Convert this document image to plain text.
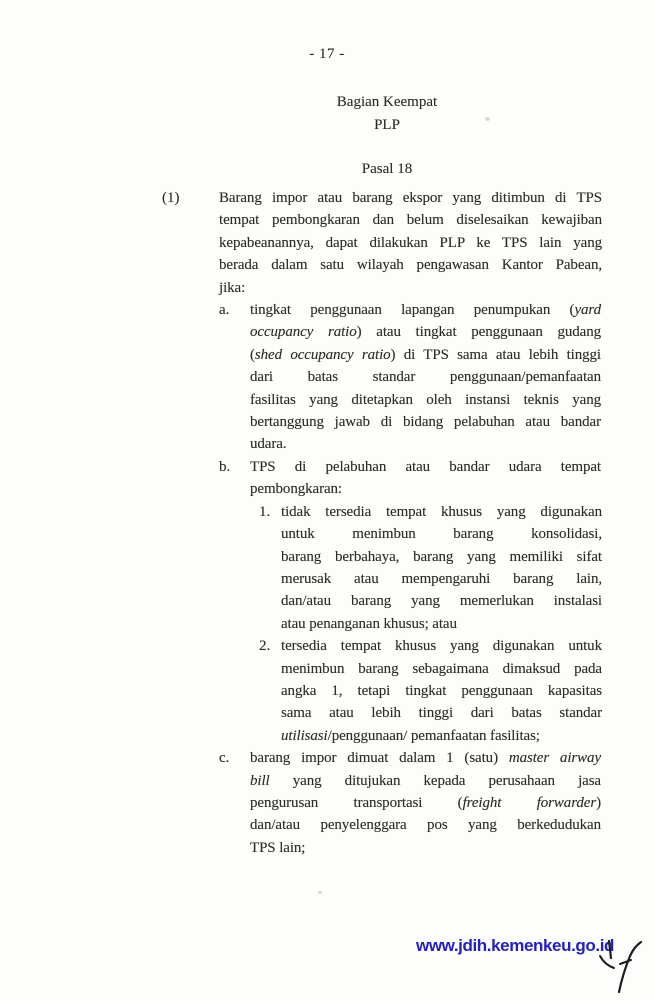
- 17 -
Bagian Keempat
PLP
Pasal 18
Barang impor atau barang ekspor yang ditimbun di TPS
(1)
tempat pembongkaran dan belum diselesaikan kewajiban
kepabeanannya, dapat dilakukan PLP ke TPS lain yang
berada dalam satu wilayah pengawasan Kantor Pabean,
jika:
tingkat penggunaan lapangan penumpukan (yard
a.
occupancy ratio) atau tingkat penggunaan gudang
(shed occupancy ratio) di TPS sama atau lebih tinggi
dari batas standar penggunaan/pemanfaatan
fasilitas yang ditetapkan oleh instansi teknis yang
bertanggung jawab di bidang pelabuhan atau bandar
udara.
TPS di pelabuhan atau bandar udara tempat
b.
pembongkaran:
tidak tersedia tempat khusus yang digunakan
1.
untuk menimbun barang konsolidasi,
barang berbahaya, barang yang memiliki sifat
merusak atau mempengaruhi barang lain,
dan/atau barang yang memerlukan instalasi
atau penanganan khusus; atau
tersedia tempat khusus yang digunakan untuk
2.
menimbun barang sebagaimana dimaksud pada
angka 1, tetapi tingkat penggunaan kapasitas
sama atau lebih tinggi dari batas standar
utilisasi/penggunaan/ pemanfaatan fasilitas;
barang impor dimuat dalam 1 (satu) master airway
c.
bill yang ditujukan kepada perusahaan jasa
pengurusan transportasi (freight forwarder)
dan/atau penyelenggara pos yang berkedudukan
TPS lain;
www.jdih.kemenkeu.go.id
